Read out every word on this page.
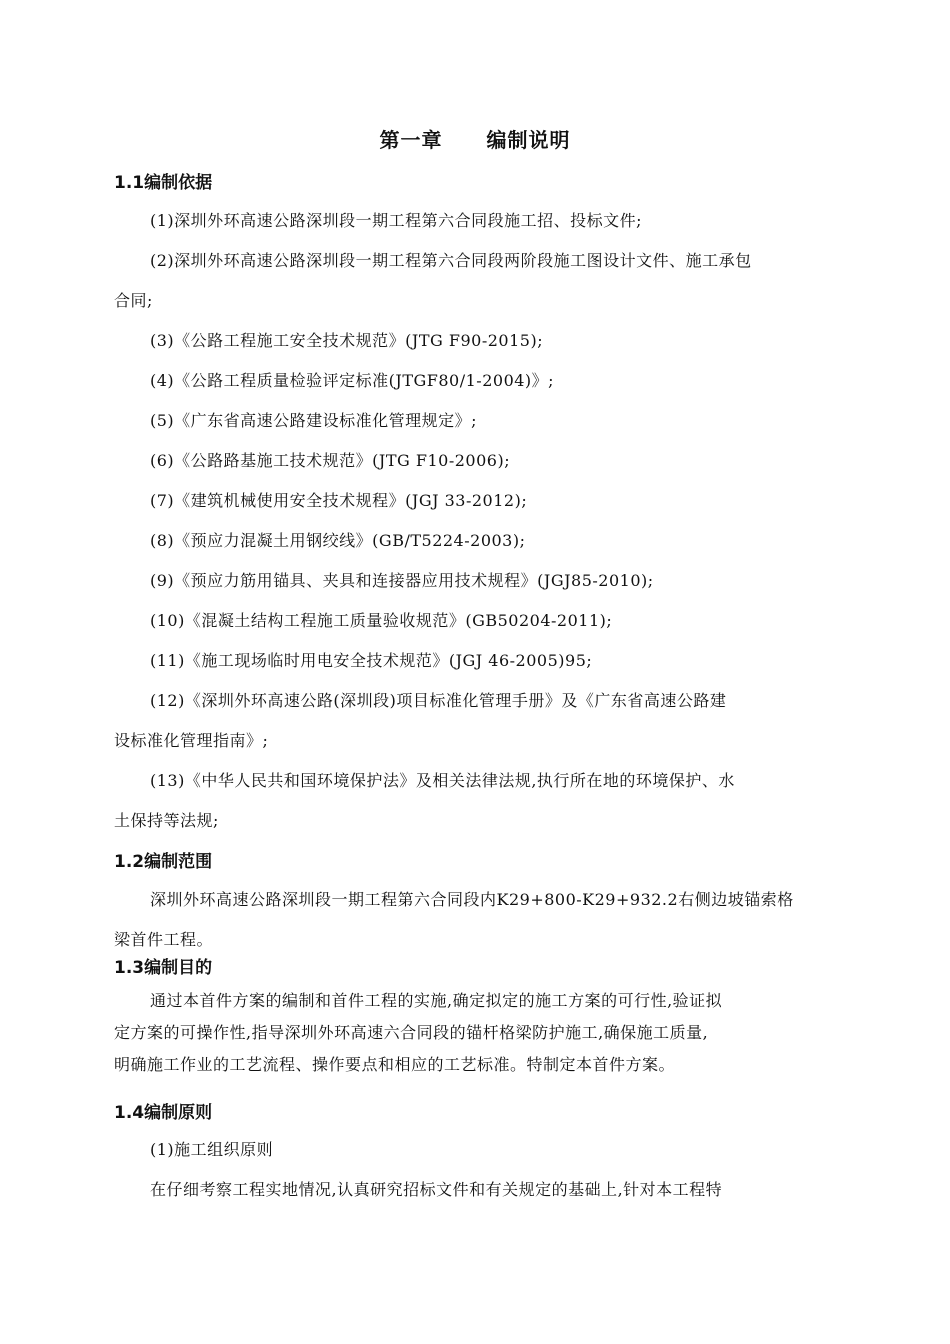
第一章 编制说明
1.1编制依据
(1)深圳外环高速公路深圳段一期工程第六合同段施工招、投标文件;
(2)深圳外环高速公路深圳段一期工程第六合同段两阶段施工图设计文件、施工承包
合同;
(3)《公路工程施工安全技术规范》(JTG F90-2015);
(4)《公路工程质量检验评定标准(JTGF80/1-2004)》;
(5)《广东省高速公路建设标准化管理规定》;
(6)《公路路基施工技术规范》(JTG F10-2006);
(7)《建筑机械使用安全技术规程》(JGJ 33-2012);
(8)《预应力混凝土用钢绞线》(GB/T5224-2003);
(9)《预应力筋用锚具、夹具和连接器应用技术规程》(JGJ85-2010);
(10)《混凝土结构工程施工质量验收规范》(GB50204-2011);
(11)《施工现场临时用电安全技术规范》(JGJ 46-2005)95;
(12)《深圳外环高速公路(深圳段)项目标准化管理手册》及《广东省高速公路建
设标准化管理指南》;
(13)《中华人民共和国环境保护法》及相关法律法规,执行所在地的环境保护、水
土保持等法规;
1.2编制范围
深圳外环高速公路深圳段一期工程第六合同段内K29+800-K29+932.2右侧边坡锚索格
梁首件工程。
1.3编制目的
通过本首件方案的编制和首件工程的实施,确定拟定的施工方案的可行性,验证拟
定方案的可操作性,指导深圳外环高速六合同段的锚杆格梁防护施工,确保施工质量,
明确施工作业的工艺流程、操作要点和相应的工艺标准。特制定本首件方案。
1.4编制原则
(1)施工组织原则
在仔细考察工程实地情况,认真研究招标文件和有关规定的基础上,针对本工程特
